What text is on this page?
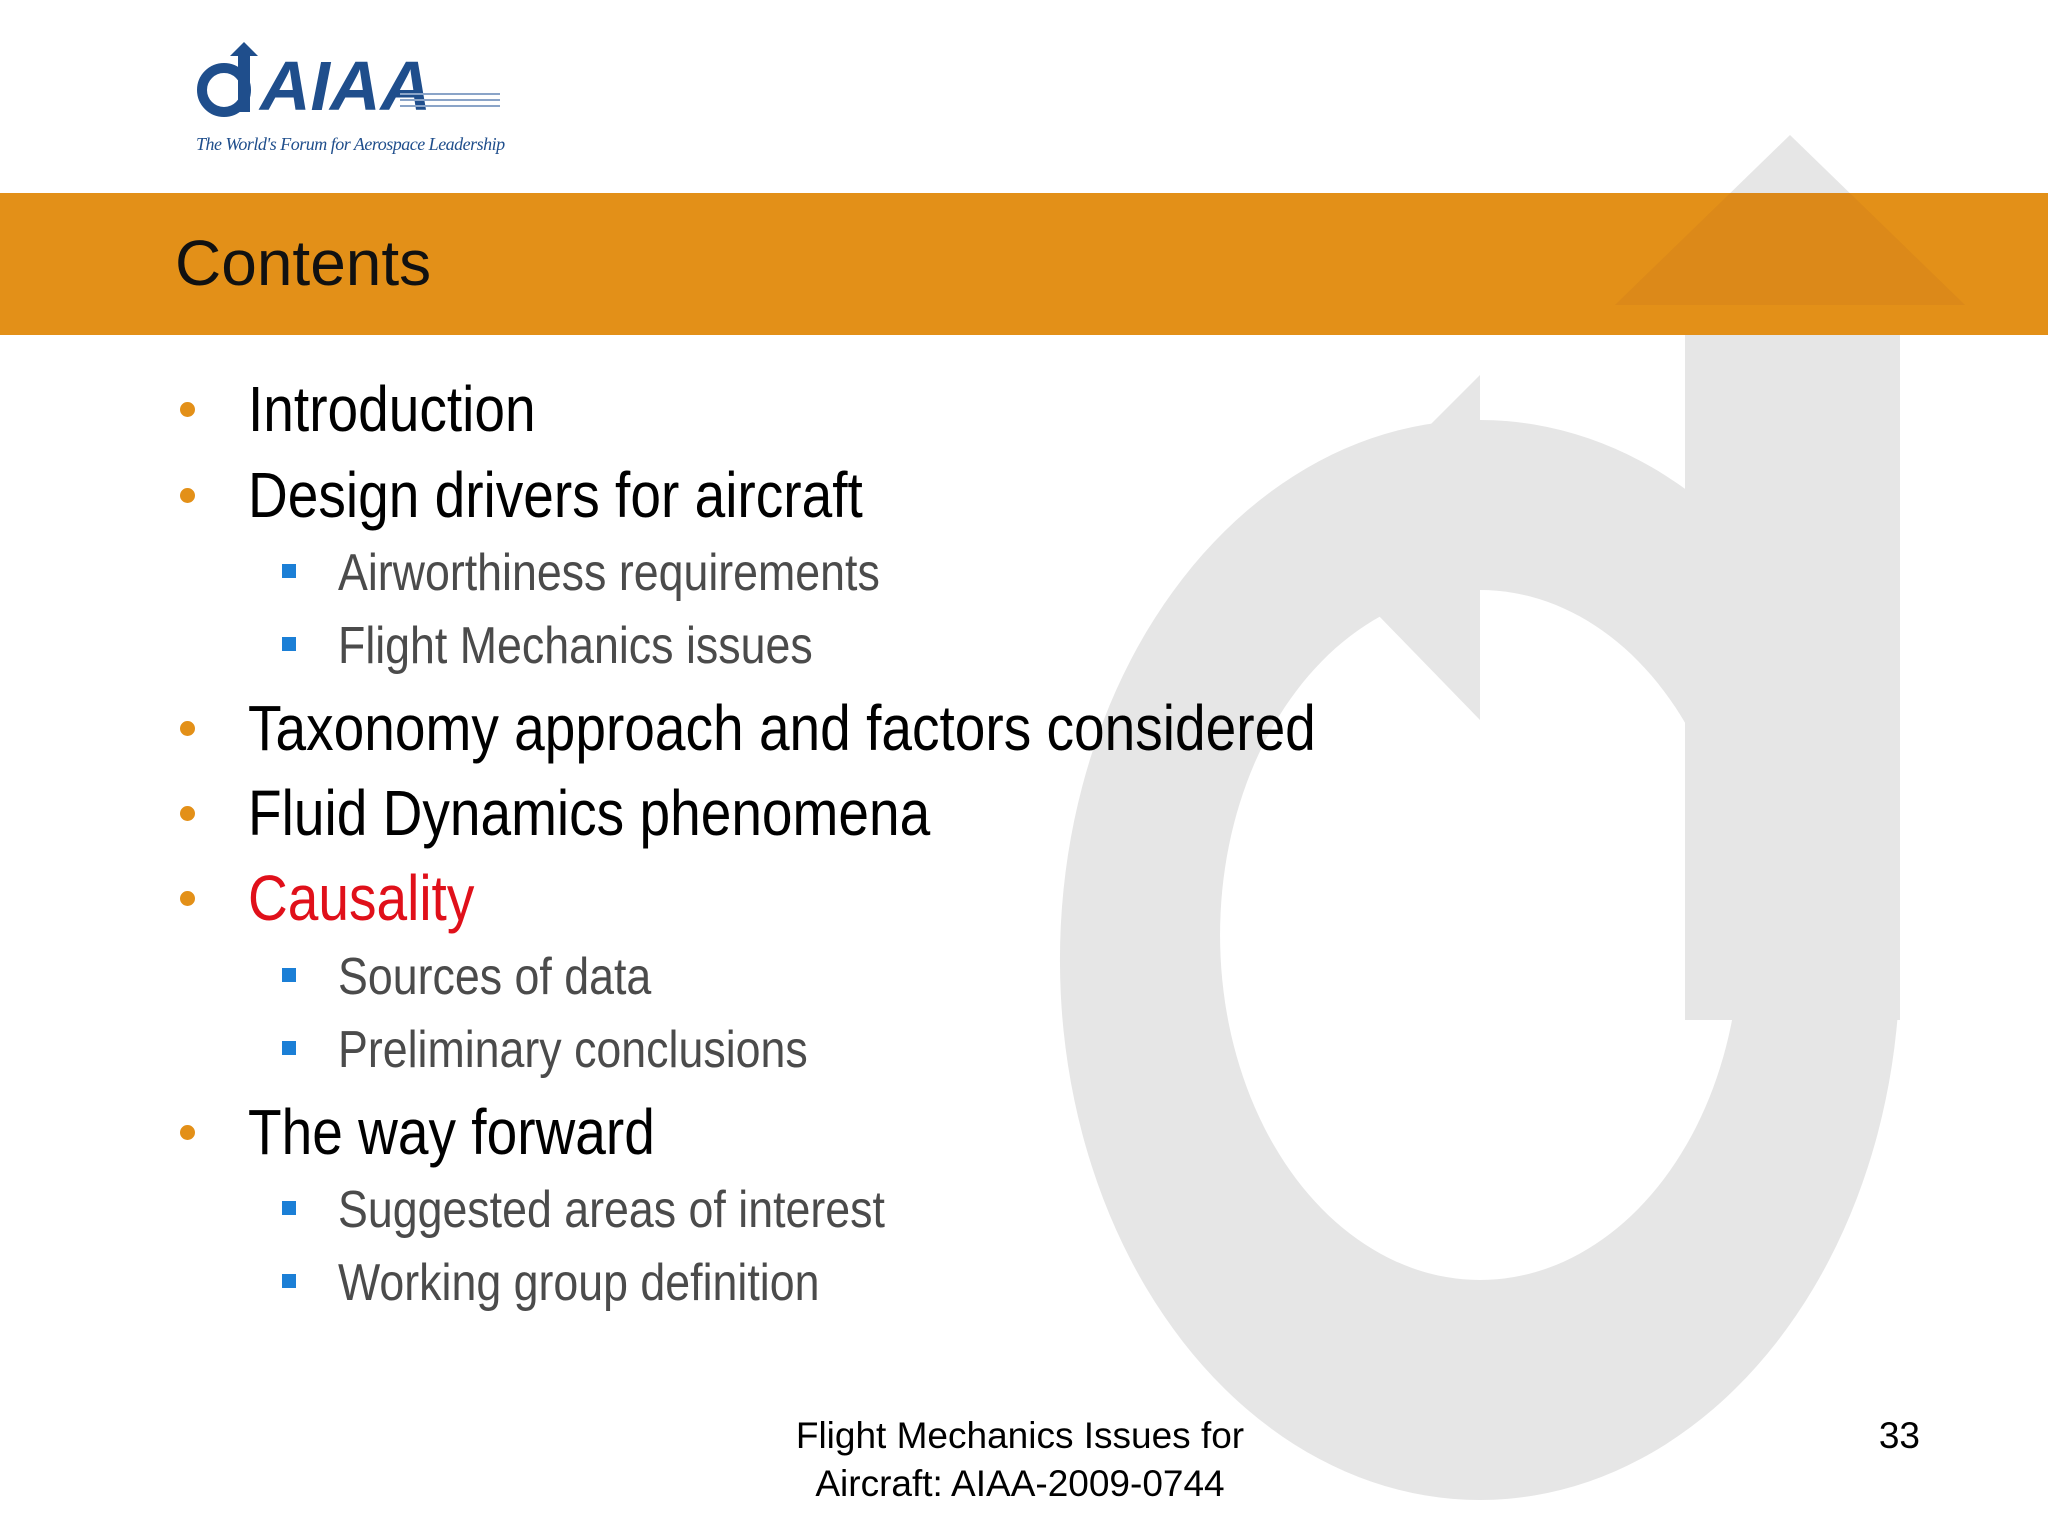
AIAA
The World's Forum for Aerospace Leadership
Contents
Introduction
Design drivers for aircraft
Airworthiness requirements
Flight Mechanics issues
Taxonomy approach and factors considered
Fluid Dynamics phenomena
Causality
Sources of data
Preliminary conclusions
The way forward
Suggested areas of interest
Working group definition
Flight Mechanics Issues for
Aircraft: AIAA-2009-0744
33
